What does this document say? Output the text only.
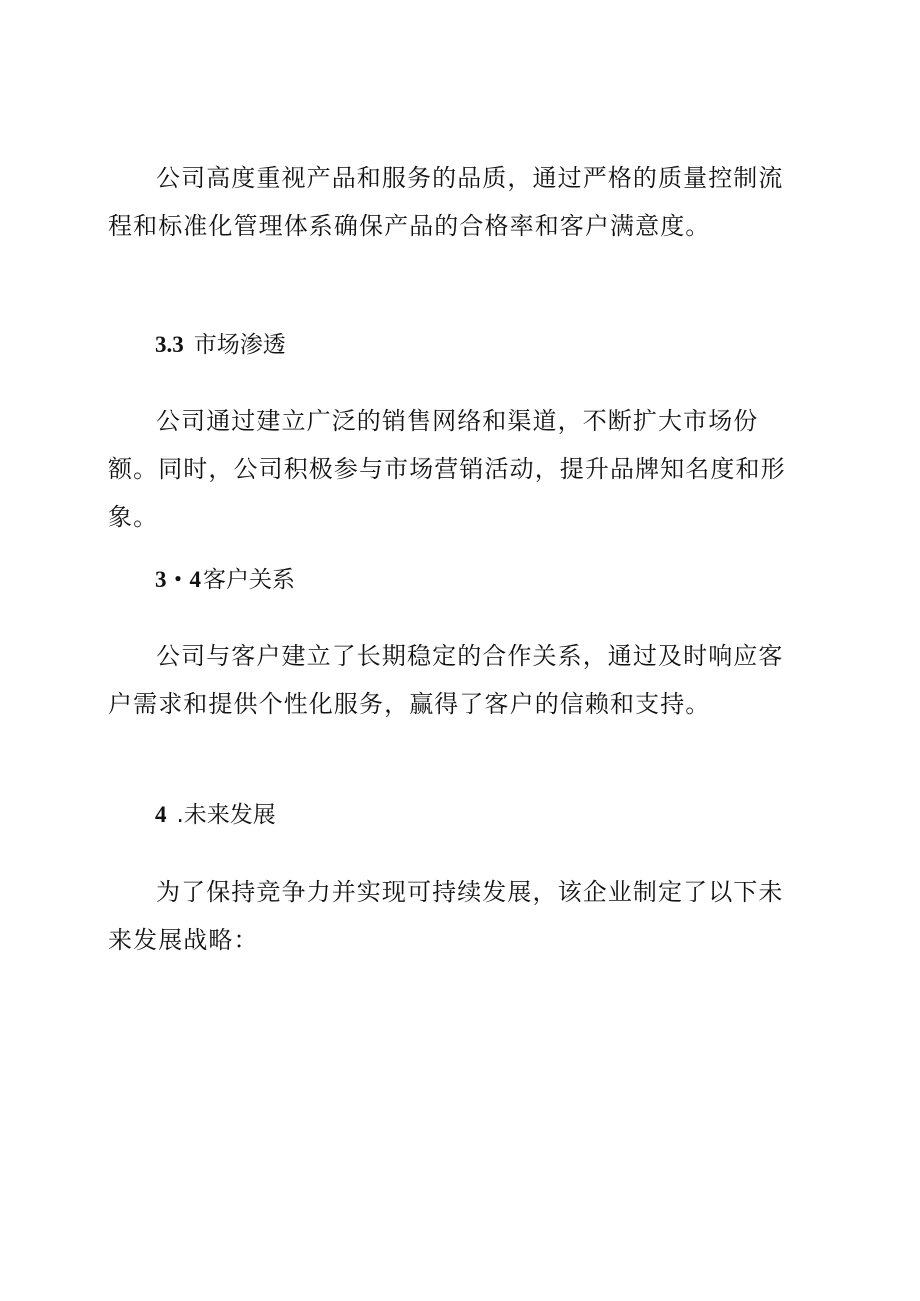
公司高度重视产品和服务的品质，通过严格的质量控制流程和标准化管理体系确保产品的合格率和客户满意度。

3.3 市场渗透

公司通过建立广泛的销售网络和渠道，不断扩大市场份额。同时，公司积极参与市场营销活动，提升品牌知名度和形象。

3・4客户关系

公司与客户建立了长期稳定的合作关系，通过及时响应客户需求和提供个性化服务，赢得了客户的信赖和支持。

4 .未来发展

为了保持竞争力并实现可持续发展，该企业制定了以下未来发展战略：
